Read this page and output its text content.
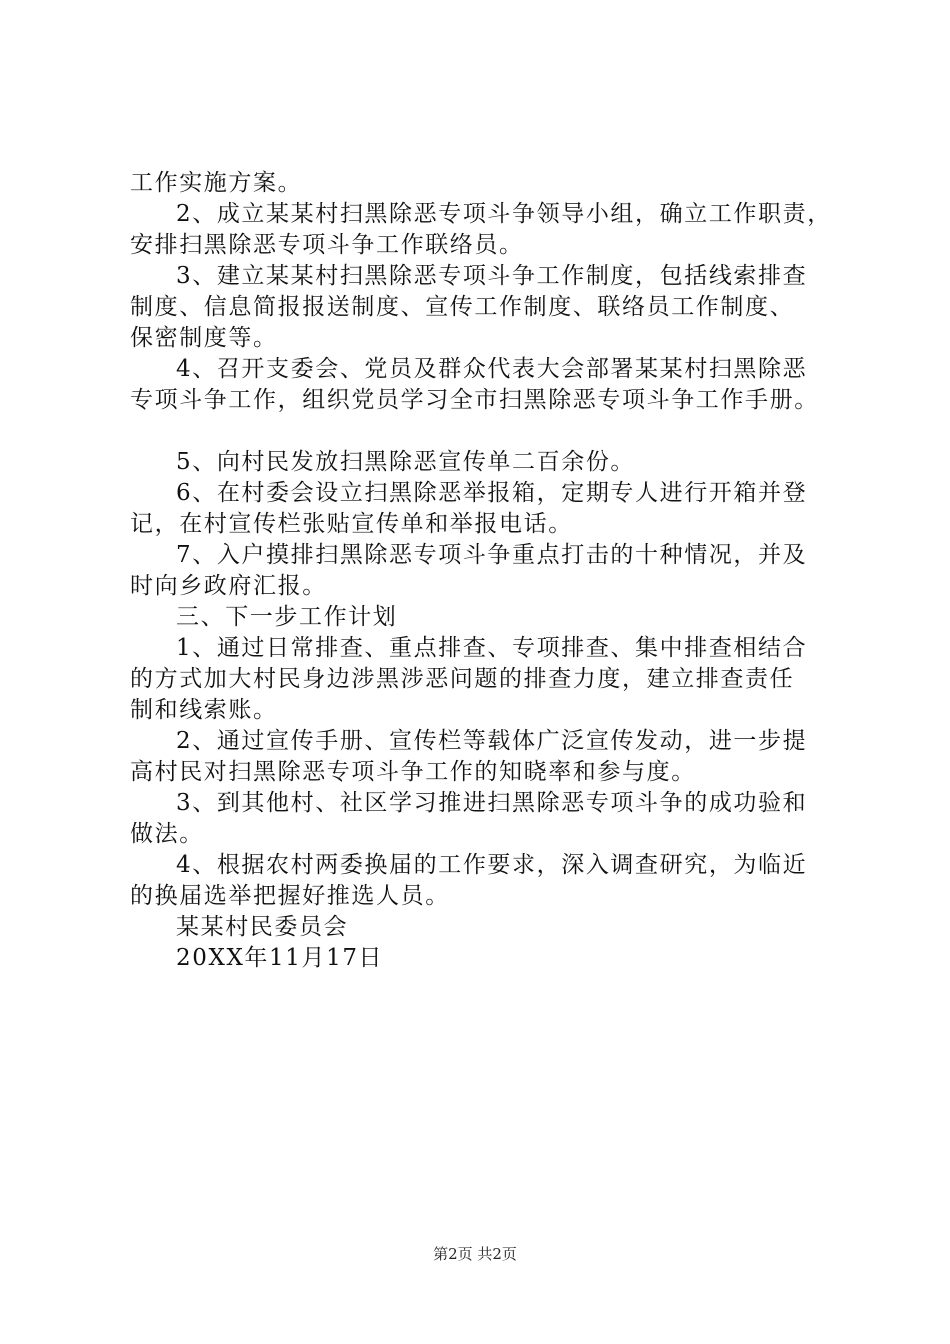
工作实施方案。
2、成立某某村扫黑除恶专项斗争领导小组，确立工作职责，
安排扫黑除恶专项斗争工作联络员。
3、建立某某村扫黑除恶专项斗争工作制度，包括线索排查
制度、信息简报报送制度、宣传工作制度、联络员工作制度、
保密制度等。
4、召开支委会、党员及群众代表大会部署某某村扫黑除恶
专项斗争工作，组织党员学习全市扫黑除恶专项斗争工作手册。
5、向村民发放扫黑除恶宣传单二百余份。
6、在村委会设立扫黑除恶举报箱，定期专人进行开箱并登
记，在村宣传栏张贴宣传单和举报电话。
7、入户摸排扫黑除恶专项斗争重点打击的十种情况，并及
时向乡政府汇报。
三、下一步工作计划
1、通过日常排查、重点排查、专项排查、集中排查相结合
的方式加大村民身边涉黑涉恶问题的排查力度，建立排查责任
制和线索账。
2、通过宣传手册、宣传栏等载体广泛宣传发动，进一步提
高村民对扫黑除恶专项斗争工作的知晓率和参与度。
3、到其他村、社区学习推进扫黑除恶专项斗争的成功验和
做法。
4、根据农村两委换届的工作要求，深入调查研究，为临近
的换届选举把握好推选人员。
某某村民委员会
20XX年11月17日
第2页 共2页
